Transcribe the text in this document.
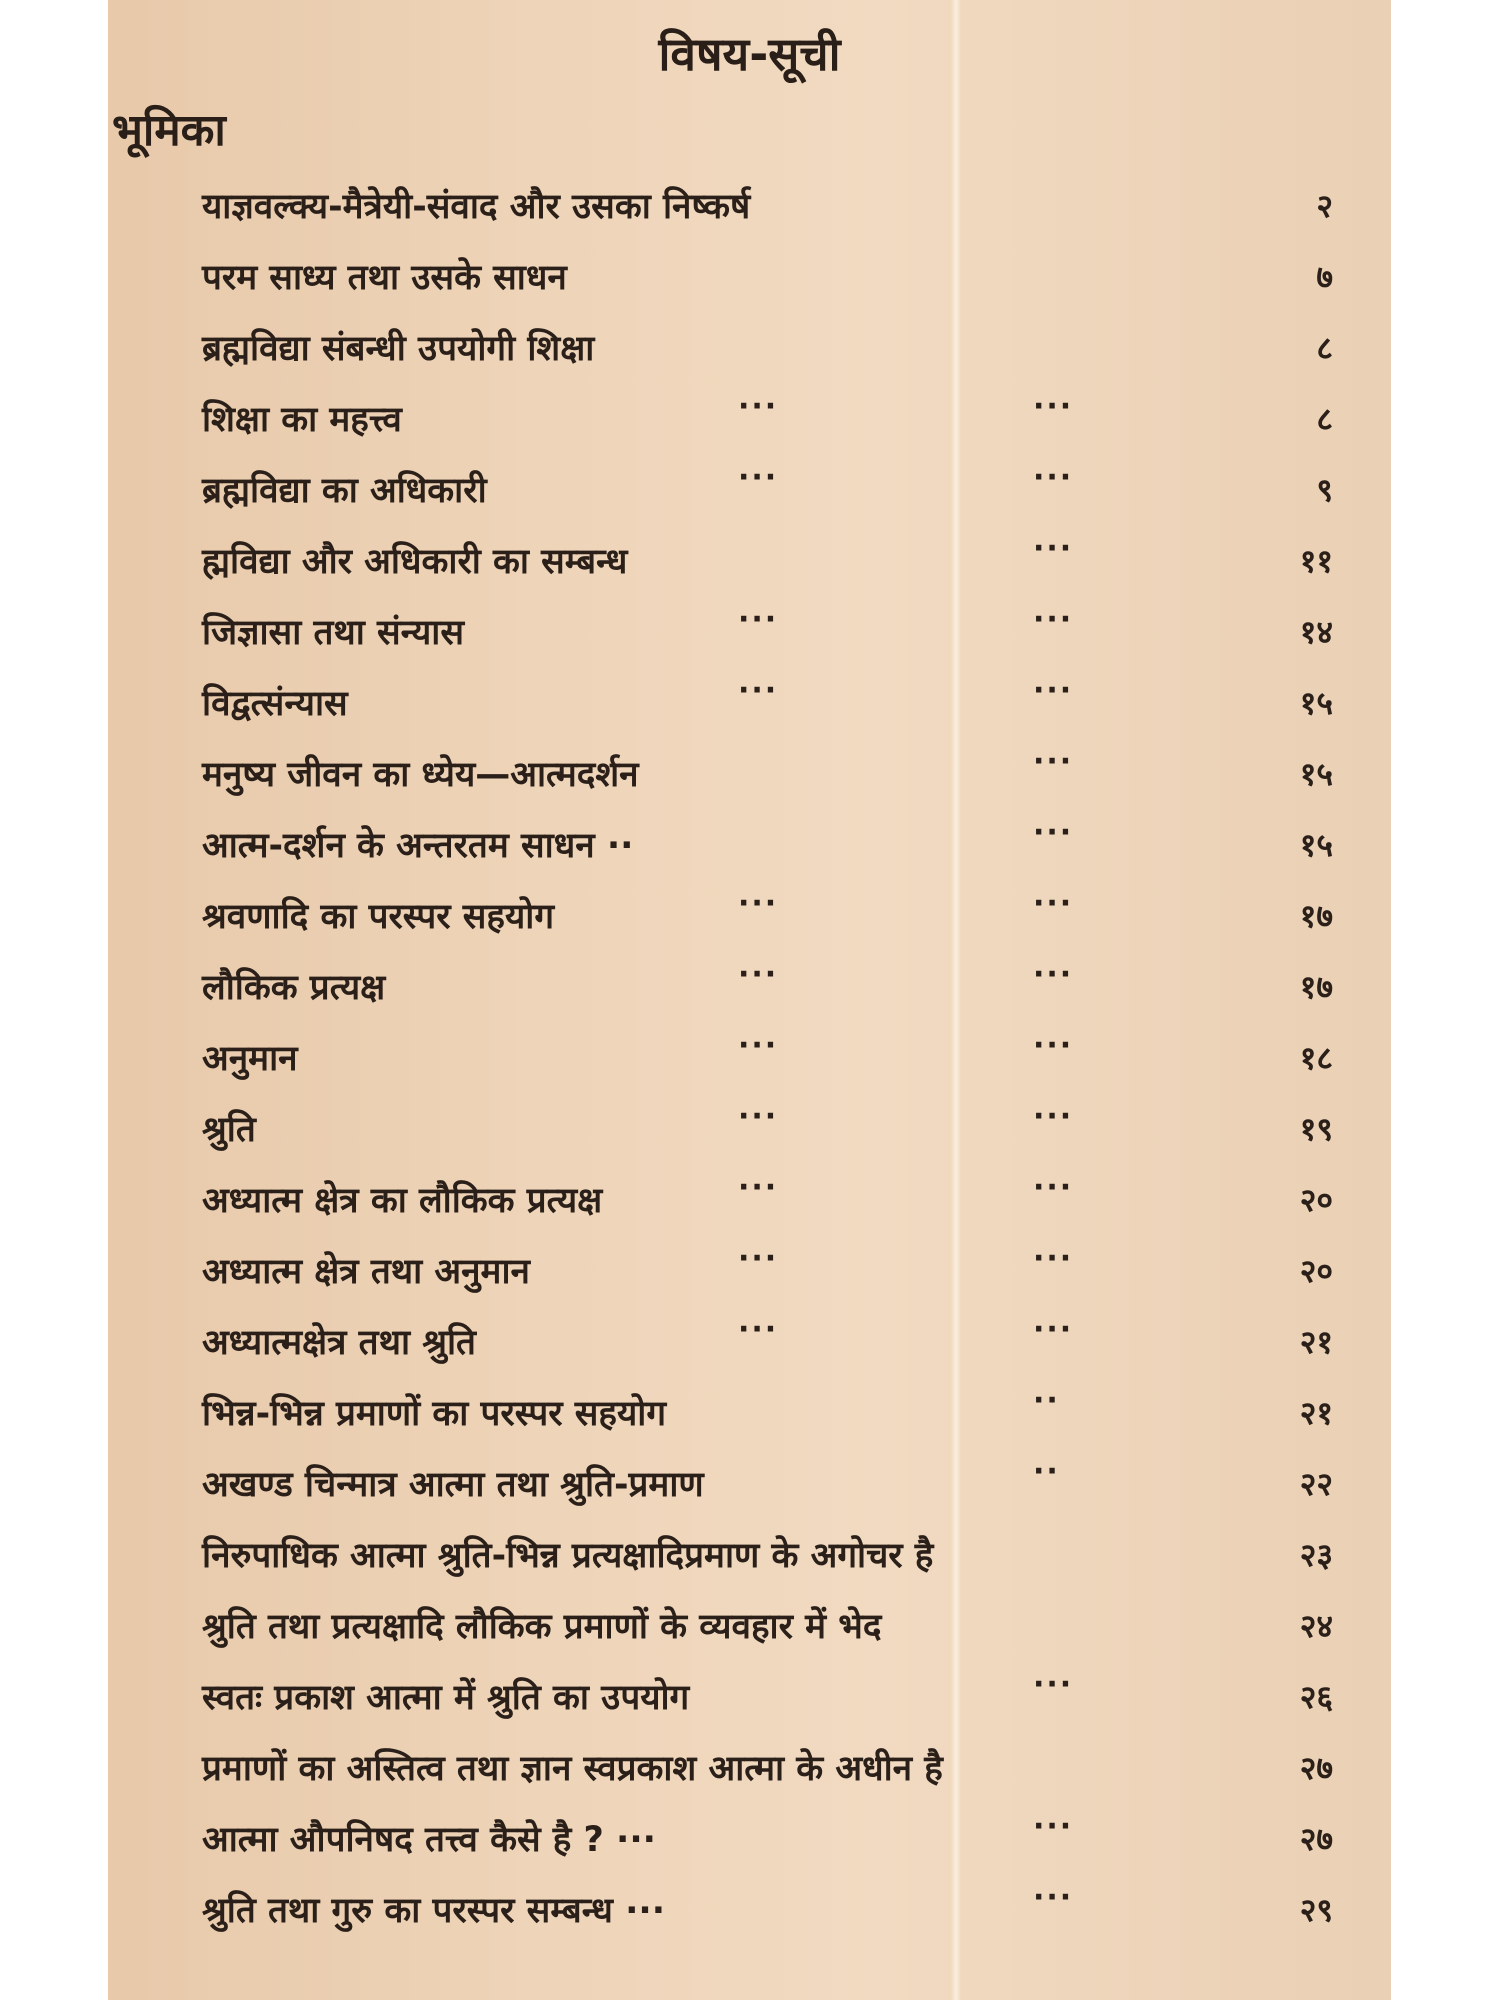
विषय-सूची
भूमिका
याज्ञवल्क्य-मैत्रेयी-संवाद और उसका निष्कर्ष	२
परम साध्य तथा उसके साधन	७
ब्रह्मविद्या संबन्धी उपयोगी शिक्षा	८
शिक्षा का महत्त्व	···	···	८
ब्रह्मविद्या का अधिकारी	···	···	९
ह्मविद्या और अधिकारी का सम्बन्ध	···	११
जिज्ञासा तथा संन्यास	···	···	१४
विद्वत्संन्यास	···	···	१५
मनुष्य जीवन का ध्येय—आत्मदर्शन	···	१५
आत्म-दर्शन के अन्तरतम साधन ··	···	१५
श्रवणादि का परस्पर सहयोग	···	···	१७
लौकिक प्रत्यक्ष	···	···	१७
अनुमान	···	···	१८
श्रुति	···	···	१९
अध्यात्म क्षेत्र का लौकिक प्रत्यक्ष	···	···	२०
अध्यात्म क्षेत्र तथा अनुमान	···	···	२०
अध्यात्मक्षेत्र तथा श्रुति	···	···	२१
भिन्न-भिन्न प्रमाणों का परस्पर सहयोग	··	२१
अखण्ड चिन्मात्र आत्मा तथा श्रुति-प्रमाण	··	२२
निरुपाधिक आत्मा श्रुति-भिन्न प्रत्यक्षादिप्रमाण के अगोचर है	२३
श्रुति तथा प्रत्यक्षादि लौकिक प्रमाणों के व्यवहार में भेद	२४
स्वतः प्रकाश आत्मा में श्रुति का उपयोग	···	२६
प्रमाणों का अस्तित्व तथा ज्ञान स्वप्रकाश आत्मा के अधीन है	२७
आत्मा औपनिषद तत्त्व कैसे है ? ···	···	२७
श्रुति तथा गुरु का परस्पर सम्बन्ध ···	···	२९
